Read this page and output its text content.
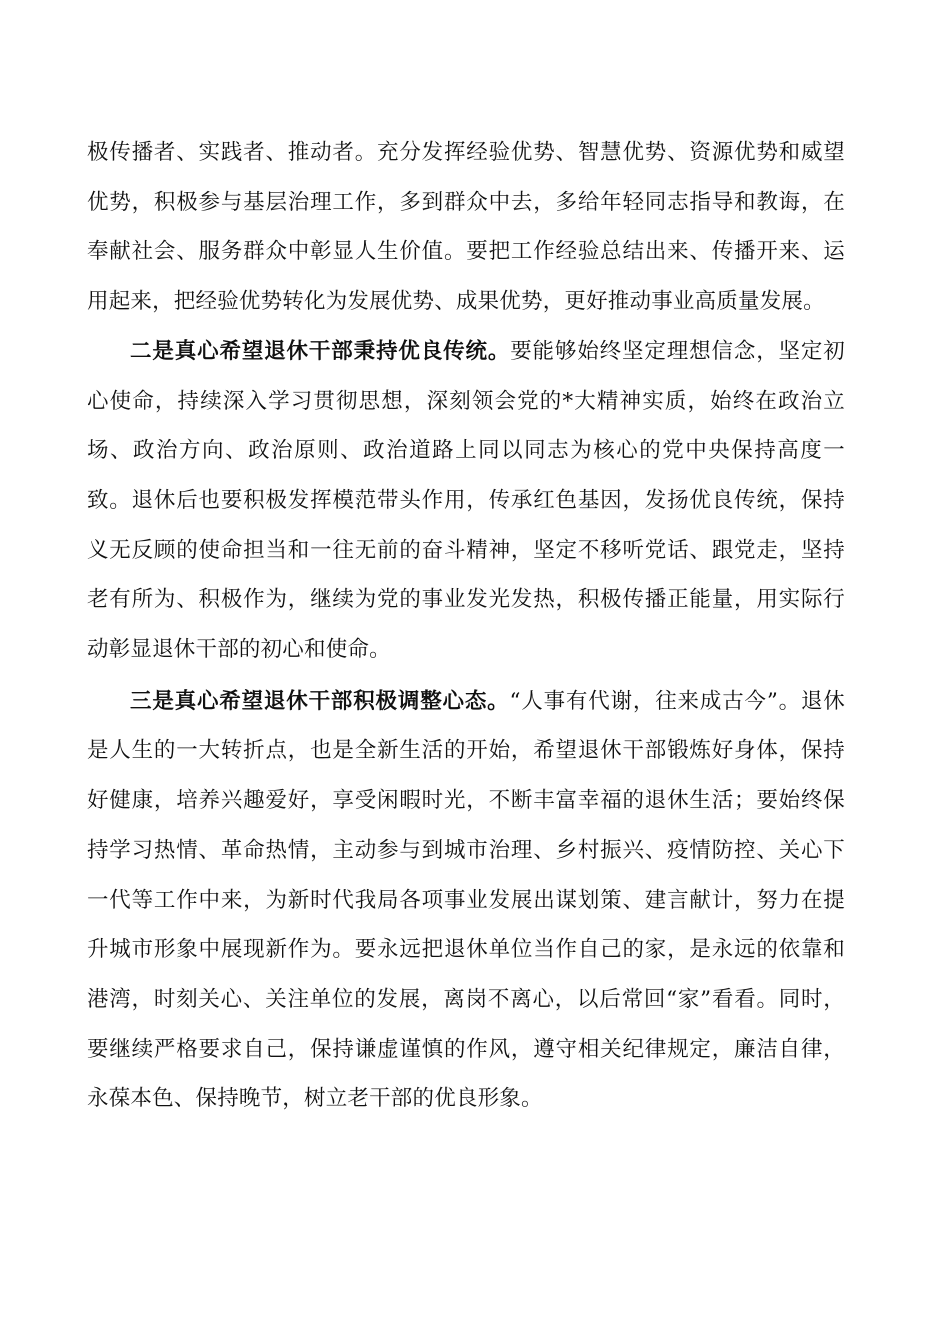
极传播者、实践者、推动者。充分发挥经验优势、智慧优势、资源优势和威望优势，积极参与基层治理工作，多到群众中去，多给年轻同志指导和教诲，在奉献社会、服务群众中彰显人生价值。要把工作经验总结出来、传播开来、运用起来，把经验优势转化为发展优势、成果优势，更好推动事业高质量发展。

二是真心希望退休干部秉持优良传统。要能够始终坚定理想信念，坚定初心使命，持续深入学习贯彻思想，深刻领会党的*大精神实质，始终在政治立场、政治方向、政治原则、政治道路上同以同志为核心的党中央保持高度一致。退休后也要积极发挥模范带头作用，传承红色基因，发扬优良传统，保持义无反顾的使命担当和一往无前的奋斗精神，坚定不移听党话、跟党走，坚持老有所为、积极作为，继续为党的事业发光发热，积极传播正能量，用实际行动彰显退休干部的初心和使命。

三是真心希望退休干部积极调整心态。“人事有代谢，往来成古今”。退休是人生的一大转折点，也是全新生活的开始，希望退休干部锻炼好身体，保持好健康，培养兴趣爱好，享受闲暇时光，不断丰富幸福的退休生活；要始终保持学习热情、革命热情，主动参与到城市治理、乡村振兴、疫情防控、关心下一代等工作中来，为新时代我局各项事业发展出谋划策、建言献计，努力在提升城市形象中展现新作为。要永远把退休单位当作自己的家，是永远的依靠和港湾，时刻关心、关注单位的发展，离岗不离心，以后常回“家”看看。同时，要继续严格要求自己，保持谦虚谨慎的作风，遵守相关纪律规定，廉洁自律，永葆本色、保持晚节，树立老干部的优良形象。
